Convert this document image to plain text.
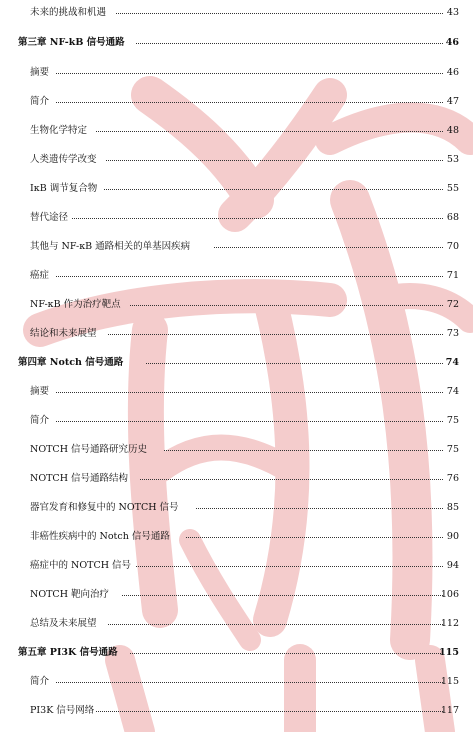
未来的挑战和机遇	43
第三章 NF-kB 信号通路	46
摘要	46
简介	47
生物化学特定	48
人类遗传学改变	53
IκB 调节复合物	55
替代途径	68
其他与 NF-κB 通路相关的单基因疾病	70
癌症	71
NF-κB 作为治疗靶点	72
结论和未来展望	73
第四章 Notch 信号通路	74
摘要	74
简介	75
NOTCH 信号通路研究历史	75
NOTCH 信号通路结构	76
器官发育和修复中的 NOTCH 信号	85
非癌性疾病中的 Notch 信号通路	90
癌症中的 NOTCH 信号	94
NOTCH 靶向治疗	106
总结及未来展望	112
第五章 PI3K 信号通路	115
简介	115
PI3K 信号网络	117
